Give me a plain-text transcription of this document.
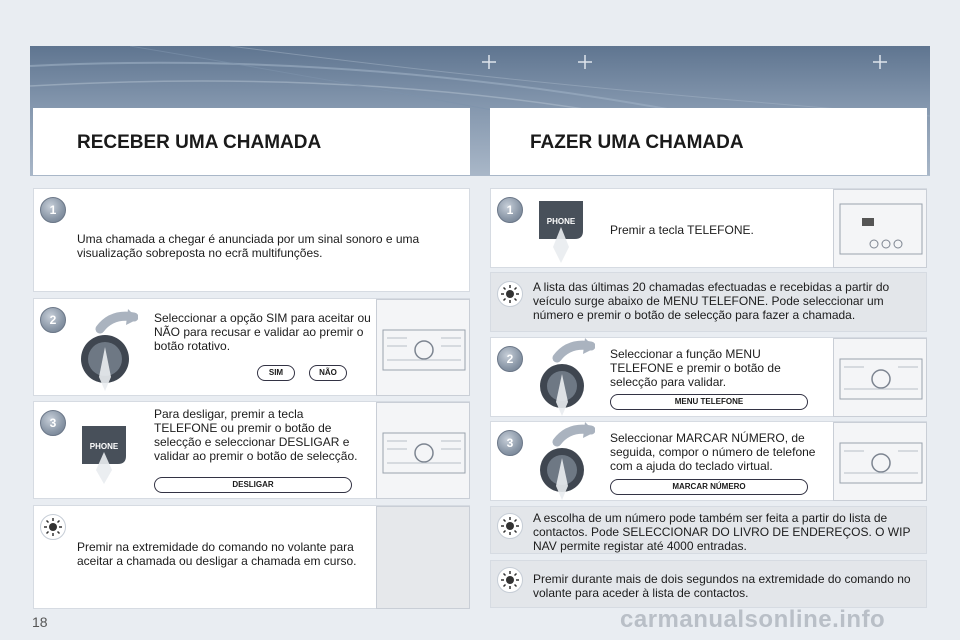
RECEBER UMA CHAMADA	FAZER UMA CHAMADA
1
Uma chamada a chegar é anunciada por um sinal sonoro e uma visualização sobreposta no ecrã multifunções.
2	Seleccionar a opção SIM para aceitar ou NÃO para recusar e validar ao premir o botão rotativo.
SIM	NÃO
3
PHONE
Para desligar, premir a tecla TELEFONE ou premir o botão de selecção e seleccionar DESLIGAR e validar ao premir o botão de selecção.
DESLIGAR
Premir na extremidade do comando no volante para aceitar a chamada ou desligar a chamada em curso.
1
PHONE
Premir a tecla TELEFONE.
A lista das últimas 20 chamadas efectuadas e recebidas a partir do veículo surge abaixo de MENU TELEFONE. Pode seleccionar um número e premir o botão de selecção para fazer a chamada.
2	Seleccionar a função MENU TELEFONE e premir o botão de selecção para validar.
MENU TELEFONE
3	Seleccionar MARCAR NÚMERO, de seguida, compor o número de telefone com a ajuda do teclado virtual.
MARCAR NÚMERO
A escolha de um número pode também ser feita a partir do lista de contactos. Pode SELECCIONAR DO LIVRO DE ENDEREÇOS. O WIP NAV permite registar até 4000 entradas.
Premir durante mais de dois segundos na extremidade do comando no volante para aceder à lista de contactos.
18	carmanualsonline.info
